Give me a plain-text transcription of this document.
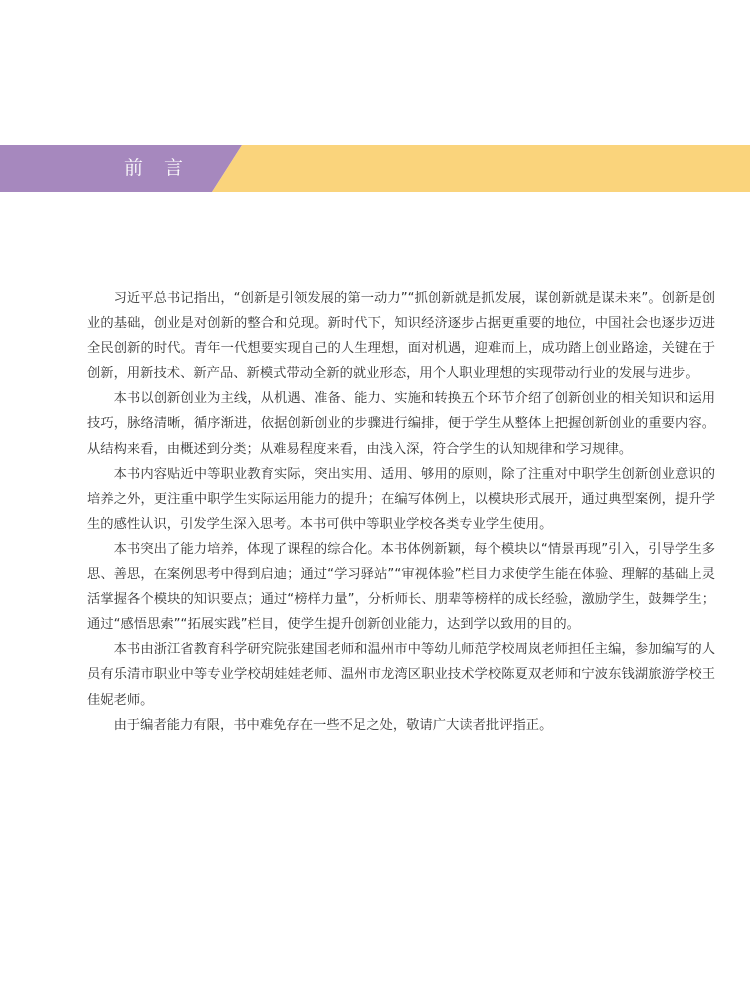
前言

习近平总书记指出，“创新是引领发展的第一动力”“抓创新就是抓发展，谋创新就是谋未来”。创新是创业的基础，创业是对创新的整合和兑现。新时代下，知识经济逐步占据更重要的地位，中国社会也逐步迈进全民创新的时代。青年一代想要实现自己的人生理想，面对机遇，迎难而上，成功踏上创业路途，关键在于创新，用新技术、新产品、新模式带动全新的就业形态，用个人职业理想的实现带动行业的发展与进步。

本书以创新创业为主线，从机遇、准备、能力、实施和转换五个环节介绍了创新创业的相关知识和运用技巧，脉络清晰，循序渐进，依据创新创业的步骤进行编排，便于学生从整体上把握创新创业的重要内容。从结构来看，由概述到分类；从难易程度来看，由浅入深，符合学生的认知规律和学习规律。

本书内容贴近中等职业教育实际，突出实用、适用、够用的原则，除了注重对中职学生创新创业意识的培养之外，更注重中职学生实际运用能力的提升；在编写体例上，以模块形式展开，通过典型案例，提升学生的感性认识，引发学生深入思考。本书可供中等职业学校各类专业学生使用。

本书突出了能力培养，体现了课程的综合化。本书体例新颖，每个模块以“情景再现”引入，引导学生多思、善思，在案例思考中得到启迪；通过“学习驿站”“审视体验”栏目力求使学生能在体验、理解的基础上灵活掌握各个模块的知识要点；通过“榜样力量”，分析师长、朋辈等榜样的成长经验，激励学生，鼓舞学生；通过“感悟思索”“拓展实践”栏目，使学生提升创新创业能力，达到学以致用的目的。

本书由浙江省教育科学研究院张建国老师和温州市中等幼儿师范学校周岚老师担任主编，参加编写的人员有乐清市职业中等专业学校胡娃娃老师、温州市龙湾区职业技术学校陈夏双老师和宁波东钱湖旅游学校王佳妮老师。

由于编者能力有限，书中难免存在一些不足之处，敬请广大读者批评指正。
